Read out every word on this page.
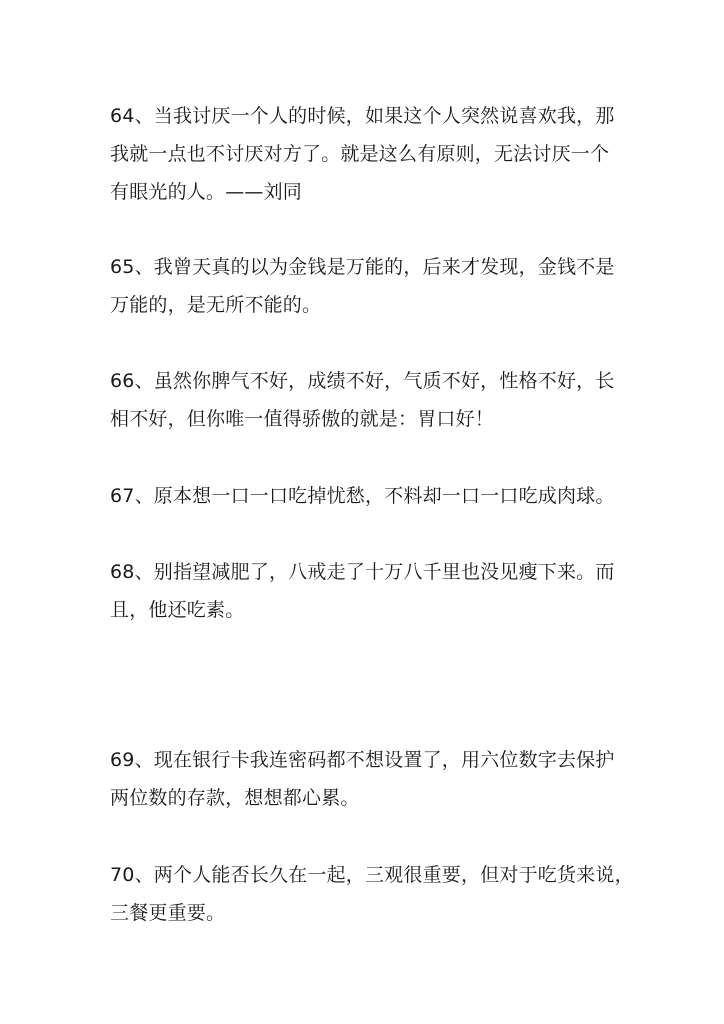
64、当我讨厌一个人的时候，如果这个人突然说喜欢我，那
我就一点也不讨厌对方了。就是这么有原则，无法讨厌一个
有眼光的人。——刘同

65、我曾天真的以为金钱是万能的，后来才发现，金钱不是
万能的，是无所不能的。

66、虽然你脾气不好，成绩不好，气质不好，性格不好，长
相不好，但你唯一值得骄傲的就是：胃口好！

67、原本想一口一口吃掉忧愁，不料却一口一口吃成肉球。

68、别指望减肥了，八戒走了十万八千里也没见瘦下来。而
且，他还吃素。

69、现在银行卡我连密码都不想设置了，用六位数字去保护
两位数的存款，想想都心累。

70、两个人能否长久在一起，三观很重要，但对于吃货来说，
三餐更重要。
